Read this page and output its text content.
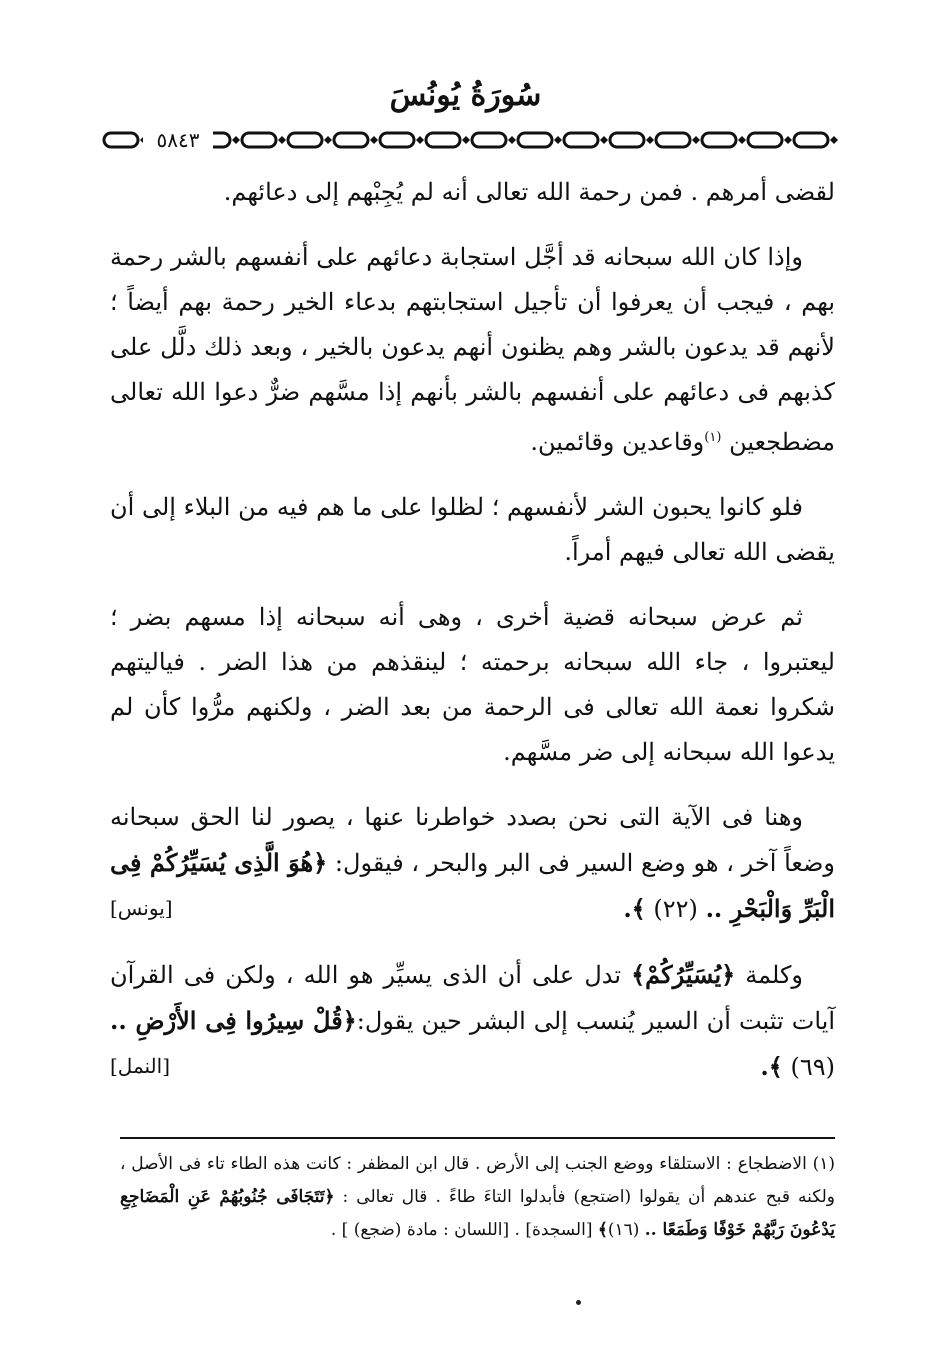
سُورَةُ يُونُسَ
٥٨٤٣

لقضى أمرهم . فمن رحمة الله تعالى أنه لم يُجِبْهم إلى دعائهم.

وإذا كان الله سبحانه قد أجَّل استجابة دعائهم على أنفسهم بالشر رحمة بهم ، فيجب أن يعرفوا أن تأجيل استجابتهم بدعاء الخير رحمة بهم أيضاً ؛ لأنهم قد يدعون بالشر وهم يظنون أنهم يدعون بالخير ، وبعد ذلك دلَّل على كذبهم فى دعائهم على أنفسهم بالشر بأنهم إذا مسَّهم ضرٌّ دعوا الله تعالى مضطجعين $^{(١)}$وقاعدين وقائمين.

فلو كانوا يحبون الشر لأنفسهم ؛ لظلوا على ما هم فيه من البلاء إلى أن يقضى الله تعالى فيهم أمراً.

ثم عرض سبحانه قضية أخرى ، وهى أنه سبحانه إذا مسهم بضر ؛ ليعتبروا ، جاء الله سبحانه برحمته ؛ لينقذهم من هذا الضر . فياليتهم شكروا نعمة الله تعالى فى الرحمة من بعد الضر ، ولكنهم مرُّوا كأن لم يدعوا الله سبحانه إلى ضر مسَّهم.

وهنا فى الآية التى نحن بصدد خواطرنا عنها ، يصور لنا الحق سبحانه وضعاً آخر ، هو وضع السير فى البر والبحر ، فيقول: ﴿هُوَ الَّذِى يُسَيِّرُكُمْ فِى الْبَرِّ وَالْبَحْرِ .. (٢٢) ﴾.
[يونس]

وكلمة ﴿يُسَيِّرُكُمْ﴾ تدل على أن الذى يسيِّر هو الله ، ولكن فى القرآن آيات تثبت أن السير يُنسب إلى البشر حين يقول:﴿قُلْ سِيرُوا فِى الأَرْضِ .. (٦٩) ﴾.
[النمل]

(١) الاضطجاع : الاستلقاء ووضع الجنب إلى الأرض . قال ابن المظفر : كانت هذه الطاء تاء فى الأصل ، ولكنه قبح عندهم أن يقولوا (اضتجع) فأبدلوا التاءَ طاءً . قال تعالى : ﴿تَتَجَافَى جُنُوبُهُمْ عَنِ الْمَضَاجِعِ يَدْعُونَ رَبَّهُمْ خَوْفًا وَطَمَعًا .. (١٦)﴾ [السجدة] . [اللسان : مادة (ضجع) ] .
